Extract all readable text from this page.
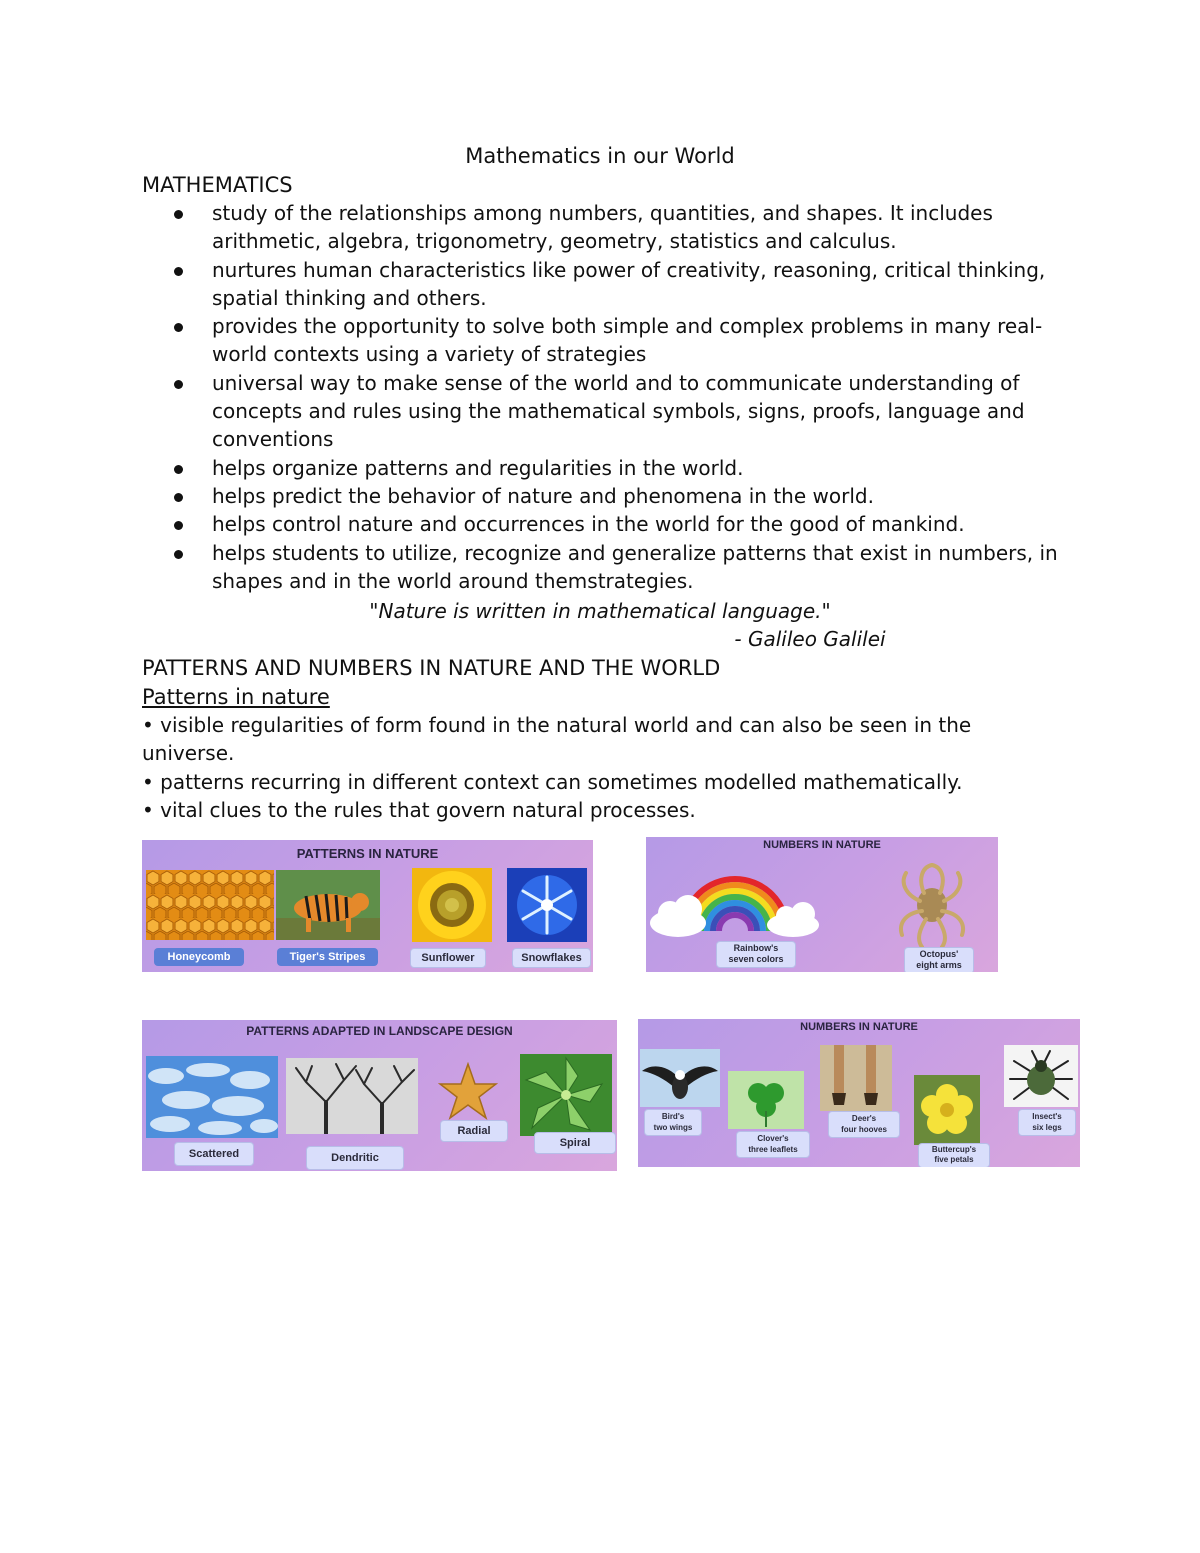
Mathematics in our World
MATHEMATICS
study of the relationships among numbers, quantities, and shapes. It includes arithmetic, algebra, trigonometry, geometry, statistics and calculus.
nurtures human characteristics like power of creativity, reasoning, critical thinking, spatial thinking and others.
provides the opportunity to solve both simple and complex problems in many real-world contexts using a variety of strategies
universal way to make sense of the world and to communicate understanding of concepts and rules using the mathematical symbols, signs, proofs, language and conventions
helps organize patterns and regularities in the world.
helps predict the behavior of nature and phenomena in the world.
helps control nature and occurrences in the world for the good of mankind.
helps students to utilize, recognize and generalize patterns that exist in numbers, in shapes and in the world around themstrategies.
"Nature is written in mathematical language."
- Galileo Galilei
PATTERNS AND NUMBERS IN NATURE AND THE WORLD
Patterns in nature
• visible regularities of form found in the natural world and can also be seen in the universe.
• patterns recurring in different context can sometimes modelled mathematically.
• vital clues to the rules that govern natural processes.
PATTERNS IN NATURE
Honeycomb	Tiger's Stripes	Sunflower	Snowflakes
NUMBERS IN NATURE
Rainbow's
seven colors	Octopus'
eight arms
PATTERNS ADAPTED IN LANDSCAPE DESIGN
Scattered	Dendritic
Radial
Spiral
NUMBERS IN NATURE
Bird's
two wings
Clover's
three leaflets
Deer's
four hooves
Buttercup's
five petals
Insect's
six legs
